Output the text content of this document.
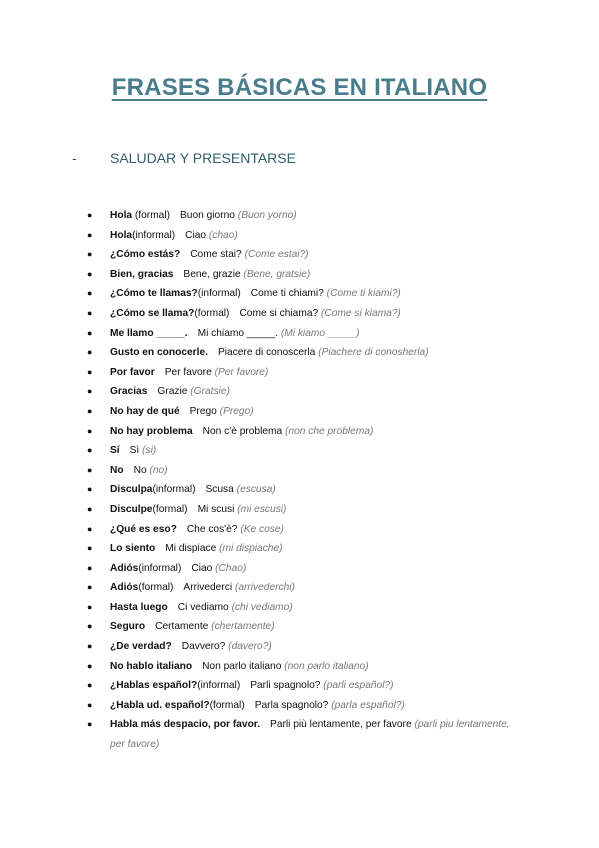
FRASES BÁSICAS EN ITALIANO
-	SALUDAR Y PRESENTARSE
● Hola (formal) Buon giorno (Buon yorno)
● Hola(informal) Ciao (chao)
● ¿Cómo estás? Come stai? (Come estai?)
● Bien, gracias Bene, grazie (Bene, gratsie)
● ¿Cómo te llamas?(informal) Come ti chiami? (Come ti kiami?)
● ¿Cómo se llama?(formal) Come si chiama? (Come si kiama?)
● Me llamo _____. Mi chiamo _____. (Mi kiamo _____)
● Gusto en conocerle. Piacere di conoscerla (Piachere di conosherla)
● Por favor Per favore (Per favore)
● Gracias Grazie (Gratsie)
● No hay de qué Prego (Prego)
● No hay problema Non c'è problema (non che problema)
● Sí Sì (si)
● No No (no)
● Disculpa(informal) Scusa (escusa)
● Disculpe(formal) Mi scusi (mi escusi)
● ¿Qué es eso? Che cos'è? (Ke cose)
● Lo siento Mi dispiace (mi dispiache)
● Adiós(informal) Ciao (Chao)
● Adiós(formal) Arrivederci (arrivederchi)
● Hasta luego Ci vediamo (chi vediamo)
● Seguro Certamente (chertamente)
● ¿De verdad? Davvero? (davero?)
● No hablo italiano Non parlo italiano (non parlo italiano)
● ¿Hablas español?(informal) Parli spagnolo? (parli español?)
● ¿Habla ud. español?(formal) Parla spagnolo? (parla español?)
● Habla más despacio, por favor. Parli più lentamente, per favore (parli piu lentamente, per favore)
